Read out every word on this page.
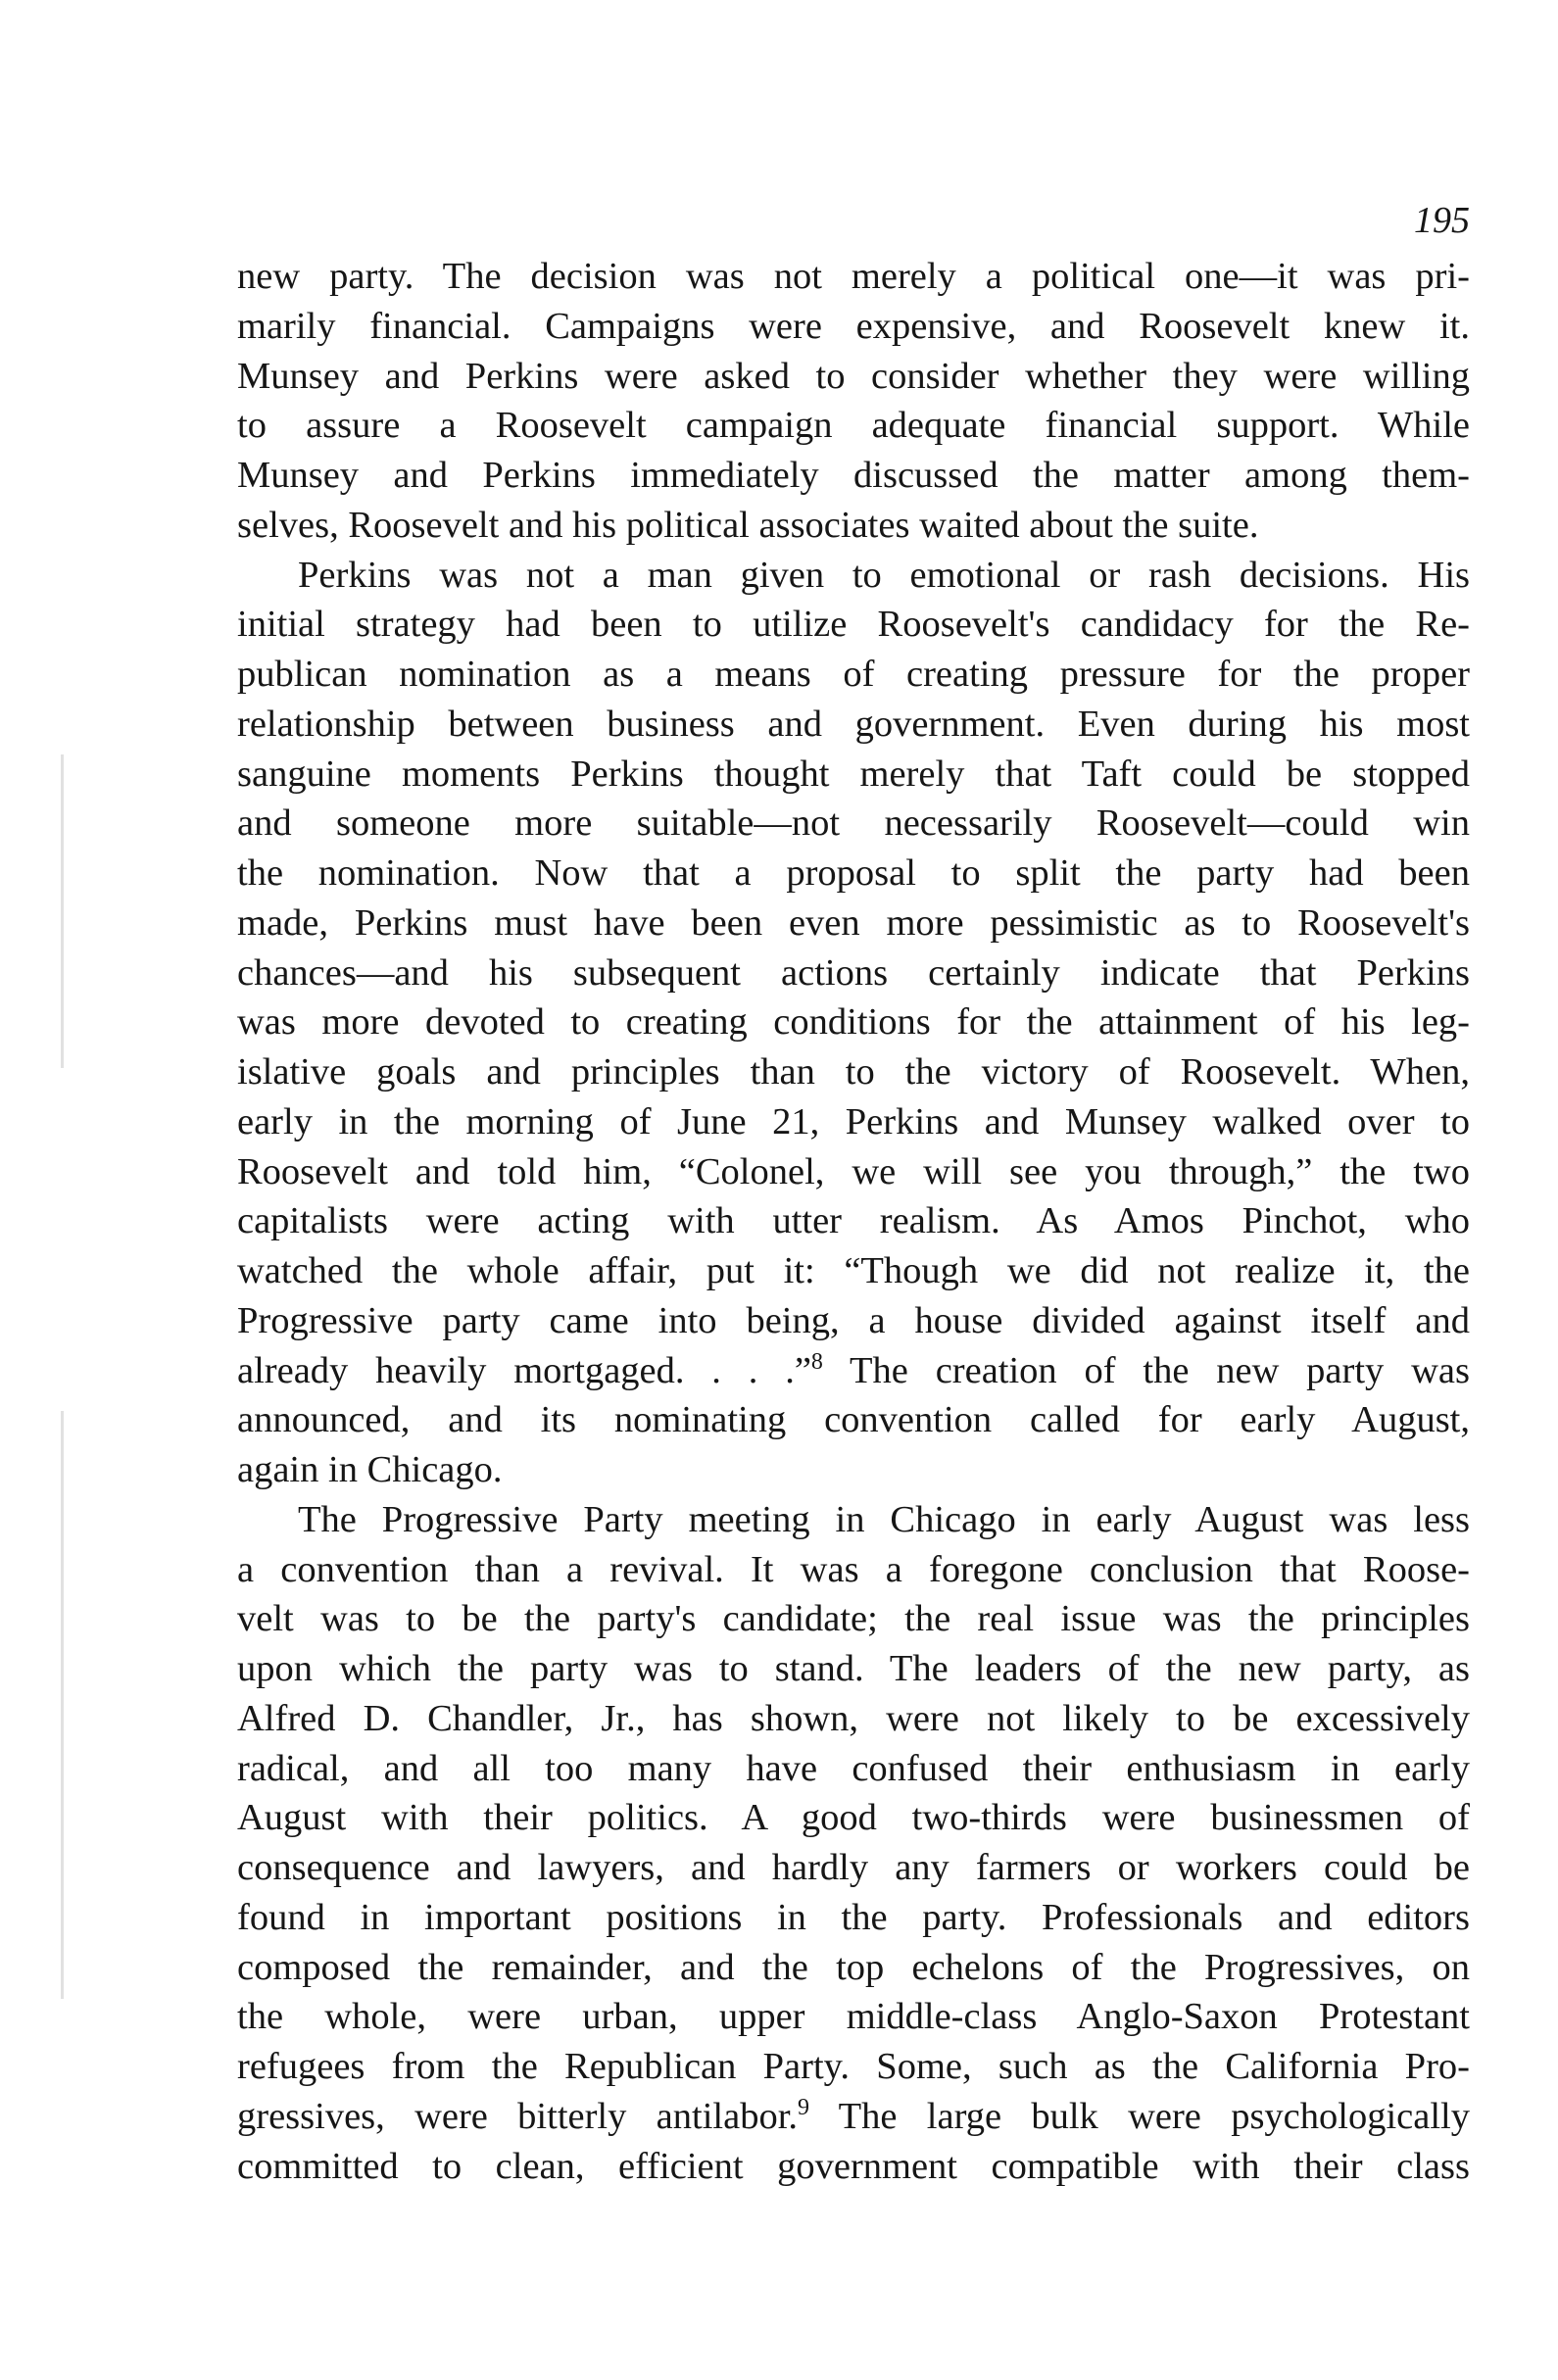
195
new party. The decision was not merely a political one—it was pri-
marily financial. Campaigns were expensive, and Roosevelt knew it.
Munsey and Perkins were asked to consider whether they were willing
to assure a Roosevelt campaign adequate financial support. While
Munsey and Perkins immediately discussed the matter among them-
selves, Roosevelt and his political associates waited about the suite.
Perkins was not a man given to emotional or rash decisions. His
initial strategy had been to utilize Roosevelt's candidacy for the Re-
publican nomination as a means of creating pressure for the proper
relationship between business and government. Even during his most
sanguine moments Perkins thought merely that Taft could be stopped
and someone more suitable—not necessarily Roosevelt—could win
the nomination. Now that a proposal to split the party had been
made, Perkins must have been even more pessimistic as to Roosevelt's
chances—and his subsequent actions certainly indicate that Perkins
was more devoted to creating conditions for the attainment of his leg-
islative goals and principles than to the victory of Roosevelt. When,
early in the morning of June 21, Perkins and Munsey walked over to
Roosevelt and told him, “Colonel, we will see you through,” the two
capitalists were acting with utter realism. As Amos Pinchot, who
watched the whole affair, put it: “Though we did not realize it, the
Progressive party came into being, a house divided against itself and
already heavily mortgaged. . . .”$^8$ The creation of the new party was
announced, and its nominating convention called for early August,
again in Chicago.
The Progressive Party meeting in Chicago in early August was less
a convention than a revival. It was a foregone conclusion that Roose-
velt was to be the party's candidate; the real issue was the principles
upon which the party was to stand. The leaders of the new party, as
Alfred D. Chandler, Jr., has shown, were not likely to be excessively
radical, and all too many have confused their enthusiasm in early
August with their politics. A good two-thirds were businessmen of
consequence and lawyers, and hardly any farmers or workers could be
found in important positions in the party. Professionals and editors
composed the remainder, and the top echelons of the Progressives, on
the whole, were urban, upper middle-class Anglo-Saxon Protestant
refugees from the Republican Party. Some, such as the California Pro-
gressives, were bitterly antilabor.$^9$ The large bulk were psychologically
committed to clean, efficient government compatible with their class
